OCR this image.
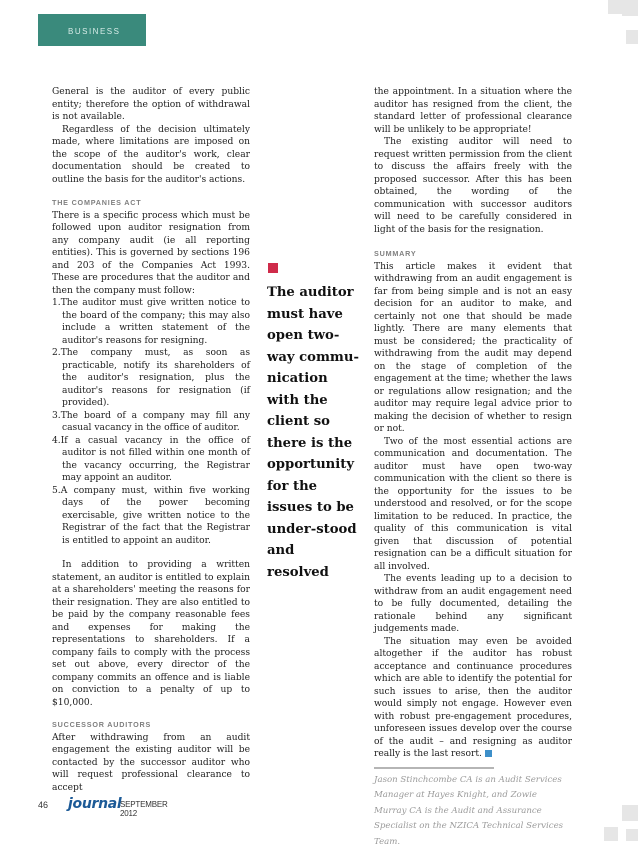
BUSINESS

General is the auditor of every public entity; therefore the option of withdrawal is not available.

Regardless of the decision ultimately made, where limitations are imposed on the scope of the auditor's work, clear documentation should be created to outline the basis for the auditor's actions.

THE COMPANIES ACT

There is a specific process which must be followed upon auditor resignation from any company audit (ie all reporting entities). This is governed by sections 196 and 203 of the Companies Act 1993. These are procedures that the auditor and then the company must follow:

1.The auditor must give written notice to the board of the company; this may also include a written statement of the auditor's reasons for resigning.
2.The company must, as soon as practicable, notify its shareholders of the auditor's resignation, plus the auditor's reasons for resignation (if provided).
3.The board of a company may fill any casual vacancy in the office of auditor.
4.If a casual vacancy in the office of auditor is not filled within one month of the vacancy occurring, the Registrar may appoint an auditor.
5.A company must, within five working days of the power becoming exercisable, give written notice to the Registrar of the fact that the Registrar is entitled to appoint an auditor.

In addition to providing a written statement, an auditor is entitled to explain at a shareholders' meeting the reasons for their resignation. They are also entitled to be paid by the company reasonable fees and expenses for making the representations to shareholders. If a company fails to comply with the process set out above, every director of the company commits an offence and is liable on conviction to a penalty of up to $10,000.

SUCCESSOR AUDITORS

After withdrawing from an audit engagement the existing auditor will be contacted by the successor auditor who will request professional clearance to accept

The auditor must have open two-way commu-nication with the client so there is the opportunity for the issues to be under-stood and resolved

the appointment. In a situation where the auditor has resigned from the client, the standard letter of professional clearance will be unlikely to be appropriate!

The existing auditor will need to request written permission from the client to discuss the affairs freely with the proposed successor. After this has been obtained, the wording of the communication with successor auditors will need to be carefully considered in light of the basis for the resignation.

SUMMARY

This article makes it evident that withdrawing from an audit engagement is far from being simple and is not an easy decision for an auditor to make, and certainly not one that should be made lightly. There are many elements that must be considered; the practicality of withdrawing from the audit may depend on the stage of completion of the engagement at the time; whether the laws or regulations allow resignation; and the auditor may require legal advice prior to making the decision of whether to resign or not.

Two of the most essential actions are communication and documentation. The auditor must have open two-way communication with the client so there is the opportunity for the issues to be understood and resolved, or for the scope limitation to be reduced. In practice, the quality of this communication is vital given that discussion of potential resignation can be a difficult situation for all involved.

The events leading up to a decision to withdraw from an audit engagement need to be fully documented, detailing the rationale behind any significant judgements made.

The situation may even be avoided altogether if the auditor has robust acceptance and continuance procedures which are able to identify the potential for such issues to arise, then the auditor would simply not engage. However even with robust pre-engagement procedures, unforeseen issues develop over the course of the audit – and resigning as auditor really is the last resort.

Jason Stinchcombe CA is an Audit Services Manager at Hayes Knight, and Zowie Murray CA is the Audit and Assurance Specialist on the NZICA Technical Services Team.

46 journal
SEPTEMBER 2012
